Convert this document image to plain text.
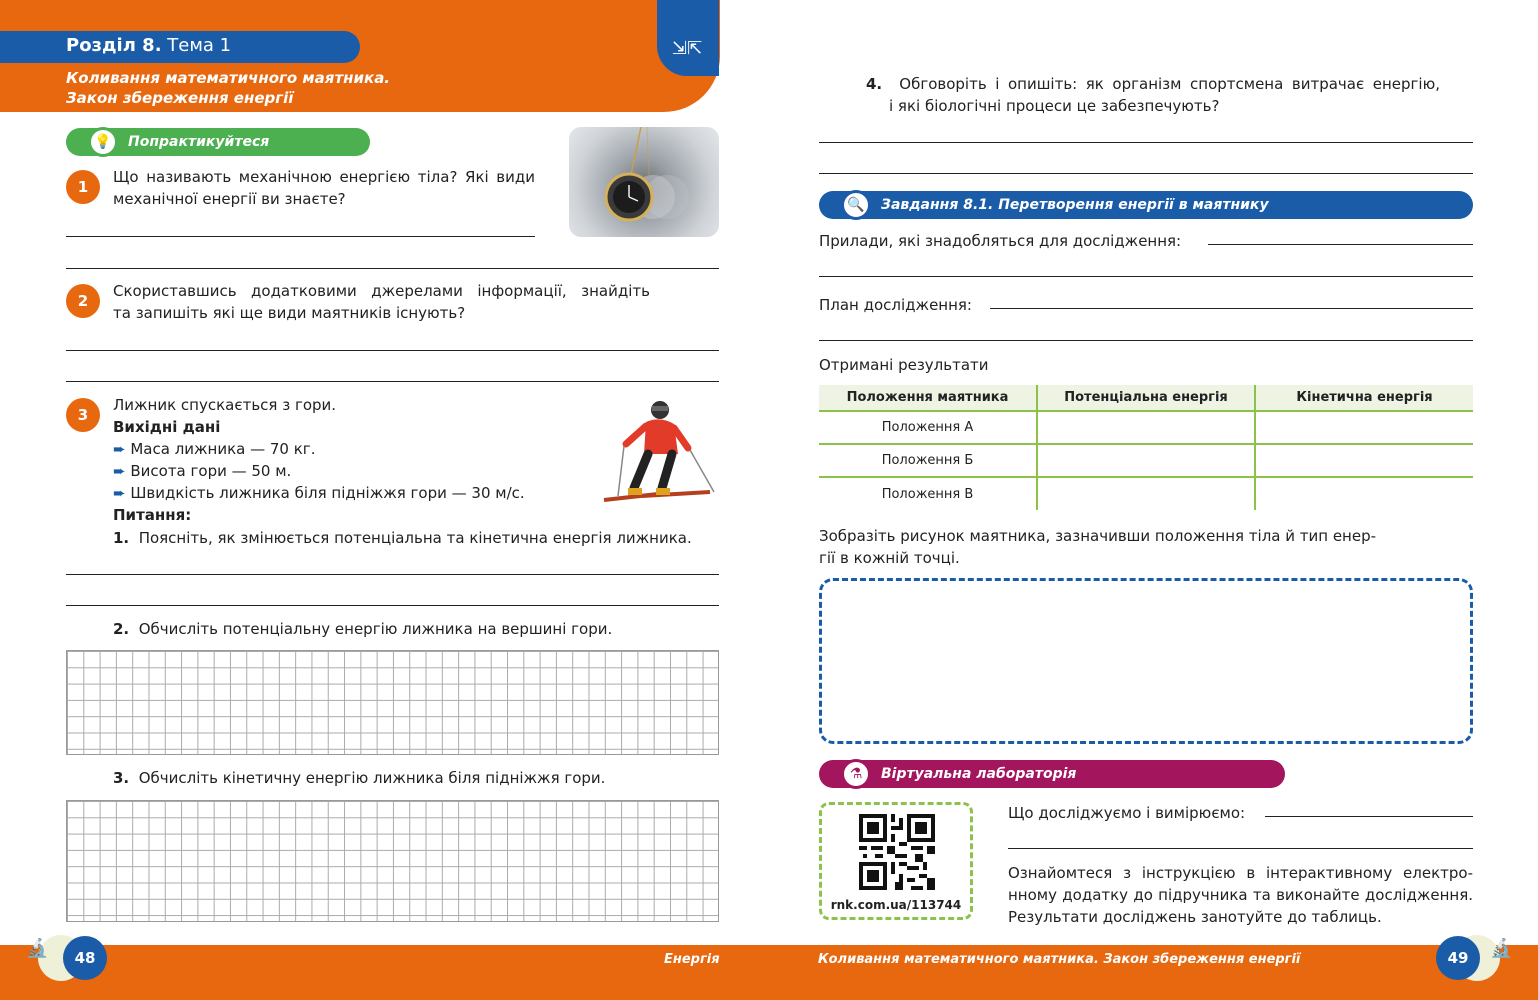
Розділ 8. Тема 1
Коливання математичного маятника.
Закон збереження енергії
⇲⇱
Попрактикуйтеся
💡
1
Що називають механічною енергією тіла? Які види
механічної енергії ви знаєте?
2
Скориставшись додатковими джерелами інформації, знайдіть
та запишіть які ще види маятників існують?
3
Лижник спускається з гори.
Вихідні дані
➨ Маса лижника — 70 кг.
➨ Висота гори — 50 м.
➨ Швидкість лижника біля підніжжя гори — 30 м/с.
Питання:
1. Поясніть, як змінюється потенціальна та кінетична енергія лижника.
2. Обчисліть потенціальну енергію лижника на вершині гори.
3. Обчисліть кінетичну енергію лижника біля підніжжя гори.
4. Обговоріть і опишіть: як організм спортсмена витрачає енергію,
і які біологічні процеси це забезпечують?
Завдання 8.1. Перетворення енергії в маятнику
🔍
Прилади, які знадобляться для дослідження:
План дослідження:
Отримані результати
Положення маятника	Потенціальна енергія	Кінетична енергія
Положення А		
Положення Б		
Положення В		
Зобразіть рисунок маятника, зазначивши положення тіла й тип енер-
гії в кожній точці.
Віртуальна лабораторія
⚗
rnk.com.ua/113744
Що досліджуємо і вимірюємо:
Ознайомтеся з інструкцією в інтерактивному електро-
нному додатку до підручника та виконайте дослідження.
Результати досліджень занотуйте до таблиць.
🔬	48	Енергія	Коливання математичного маятника. Закон збереження енергії
🔬
49
